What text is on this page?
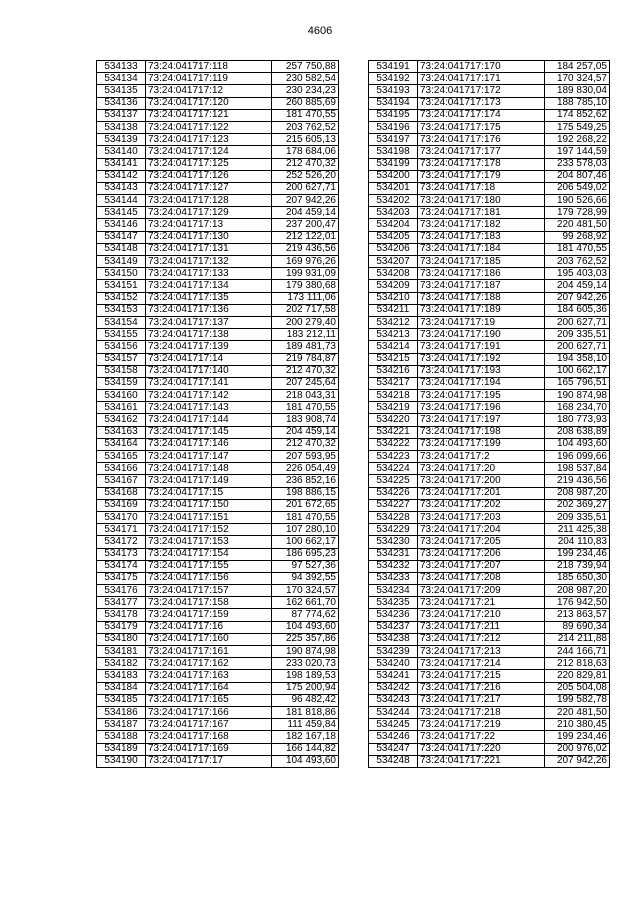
4606
534133	73:24:041717:118	257 750,88
534134	73:24:041717:119	230 582,54
534135	73:24:041717:12	230 234,23
534136	73:24:041717:120	260 885,69
534137	73:24:041717:121	181 470,55
534138	73:24:041717:122	203 762,52
534139	73:24:041717:123	215 605,13
534140	73:24:041717:124	178 684,06
534141	73:24:041717:125	212 470,32
534142	73:24:041717:126	252 526,20
534143	73:24:041717:127	200 627,71
534144	73:24:041717:128	207 942,26
534145	73:24:041717:129	204 459,14
534146	73:24:041717:13	237 200,47
534147	73:24:041717:130	212 122,01
534148	73:24:041717:131	219 436,56
534149	73:24:041717:132	169 976,26
534150	73:24:041717:133	199 931,09
534151	73:24:041717:134	179 380,68
534152	73:24:041717:135	173 111,06
534153	73:24:041717:136	202 717,58
534154	73:24:041717:137	200 279,40
534155	73:24:041717:138	183 212,11
534156	73:24:041717:139	189 481,73
534157	73:24:041717:14	219 784,87
534158	73:24:041717:140	212 470,32
534159	73:24:041717:141	207 245,64
534160	73:24:041717:142	218 043,31
534161	73:24:041717:143	181 470,55
534162	73:24:041717:144	183 908,74
534163	73:24:041717:145	204 459,14
534164	73:24:041717:146	212 470,32
534165	73:24:041717:147	207 593,95
534166	73:24:041717:148	226 054,49
534167	73:24:041717:149	236 852,16
534168	73:24:041717:15	198 886,15
534169	73:24:041717:150	201 672,65
534170	73:24:041717:151	181 470,55
534171	73:24:041717:152	107 280,10
534172	73:24:041717:153	100 662,17
534173	73:24:041717:154	186 695,23
534174	73:24:041717:155	97 527,36
534175	73:24:041717:156	94 392,55
534176	73:24:041717:157	170 324,57
534177	73:24:041717:158	162 661,70
534178	73:24:041717:159	87 774,62
534179	73:24:041717:16	104 493,60
534180	73:24:041717:160	225 357,86
534181	73:24:041717:161	190 874,98
534182	73:24:041717:162	233 020,73
534183	73:24:041717:163	198 189,53
534184	73:24:041717:164	175 200,94
534185	73:24:041717:165	96 482,42
534186	73:24:041717:166	181 818,86
534187	73:24:041717:167	111 459,84
534188	73:24:041717:168	182 167,18
534189	73:24:041717:169	166 144,82
534190	73:24:041717:17	104 493,60
534191	73:24:041717:170	184 257,05
534192	73:24:041717:171	170 324,57
534193	73:24:041717:172	189 830,04
534194	73:24:041717:173	188 785,10
534195	73:24:041717:174	174 852,62
534196	73:24:041717:175	175 549,25
534197	73:24:041717:176	192 268,22
534198	73:24:041717:177	197 144,59
534199	73:24:041717:178	233 578,03
534200	73:24:041717:179	204 807,46
534201	73:24:041717:18	206 549,02
534202	73:24:041717:180	190 526,66
534203	73:24:041717:181	179 728,99
534204	73:24:041717:182	220 481,50
534205	73:24:041717:183	99 268,92
534206	73:24:041717:184	181 470,55
534207	73:24:041717:185	203 762,52
534208	73:24:041717:186	195 403,03
534209	73:24:041717:187	204 459,14
534210	73:24:041717:188	207 942,26
534211	73:24:041717:189	184 605,36
534212	73:24:041717:19	200 627,71
534213	73:24:041717:190	209 335,51
534214	73:24:041717:191	200 627,71
534215	73:24:041717:192	194 358,10
534216	73:24:041717:193	100 662,17
534217	73:24:041717:194	165 796,51
534218	73:24:041717:195	190 874,98
534219	73:24:041717:196	168 234,70
534220	73:24:041717:197	180 773,93
534221	73:24:041717:198	208 638,89
534222	73:24:041717:199	104 493,60
534223	73:24:041717:2	196 099,66
534224	73:24:041717:20	198 537,84
534225	73:24:041717:200	219 436,56
534226	73:24:041717:201	208 987,20
534227	73:24:041717:202	202 369,27
534228	73:24:041717:203	209 335,51
534229	73:24:041717:204	211 425,38
534230	73:24:041717:205	204 110,83
534231	73:24:041717:206	199 234,46
534232	73:24:041717:207	218 739,94
534233	73:24:041717:208	185 650,30
534234	73:24:041717:209	208 987,20
534235	73:24:041717:21	176 942,50
534236	73:24:041717:210	213 863,57
534237	73:24:041717:211	89 690,34
534238	73:24:041717:212	214 211,88
534239	73:24:041717:213	244 166,71
534240	73:24:041717:214	212 818,63
534241	73:24:041717:215	220 829,81
534242	73:24:041717:216	205 504,08
534243	73:24:041717:217	199 582,78
534244	73:24:041717:218	220 481,50
534245	73:24:041717:219	210 380,45
534246	73:24:041717:22	199 234,46
534247	73:24:041717:220	200 976,02
534248	73:24:041717:221	207 942,26
